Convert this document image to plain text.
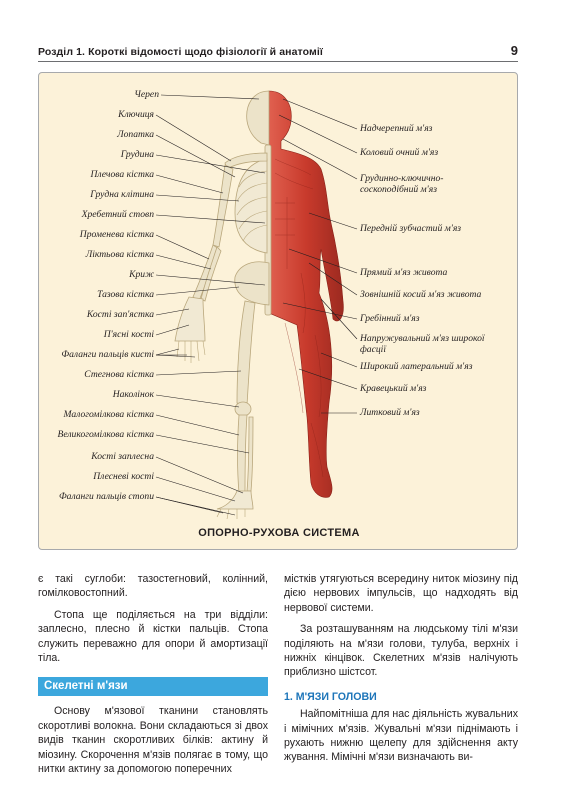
Розділ 1. Короткі відомості щодо фізіології й анатомії	9
Череп
Ключиця
Лопатка
Грудина
Плечова кістка
Грудна клітина
Хребетний стовп
Променева кістка
Ліктьова кістка
Криж
Тазова кістка
Кості зап'ястка
П'ясні кості
Фаланги пальців кисті
Стегнова кістка
Наколінок
Малогомілкова кістка
Великогомілкова кістка
Кості заплесна
Плесневі кості
Фаланги пальців стопи
Надчерепний м'яз
Коловий очний м'яз
Грудинно-ключично-соскоподібний м'яз
Передній зубчастий м'яз
Прямий м'яз живота
Зовнішній косий м'яз живота
Гребінний м'яз
Напружувальний м'яз широкої фасції
Широкий латеральний м'яз
Кравецький м'яз
Литковий м'яз
ОПОРНО-РУХОВА СИСТЕМА

є такі суглоби: тазостегновий, колінний, гомілковостопний.

Стопа ще поділяється на три відділи: заплесно, плесно й кістки пальців. Стопа служить переважно для опори й амортизації тіла.

Скелетні м'язи

Основу м'язової тканини становлять скоротливі волокна. Вони складаються зі двох видів тканин скоротливих білків: актину й міозину. Скорочення м'язів полягає в тому, що нитки актину за допомогою поперечних

містків утягуються всередину ниток міозину під дією нервових імпульсів, що надходять від нервової системи.

За розташуванням на людському тілі м'язи поділяють на м'язи голови, тулуба, верхніх і нижніх кінцівок. Скелетних м'язів налічують приблизно шістсот.

1. М'ЯЗИ ГОЛОВИ

Найпомітніша для нас діяльність жувальних і мімічних м'язів. Жувальні м'язи піднімають і рухають нижню щелепу для здійснення акту жування. Мімічні м'язи визначають ви-
